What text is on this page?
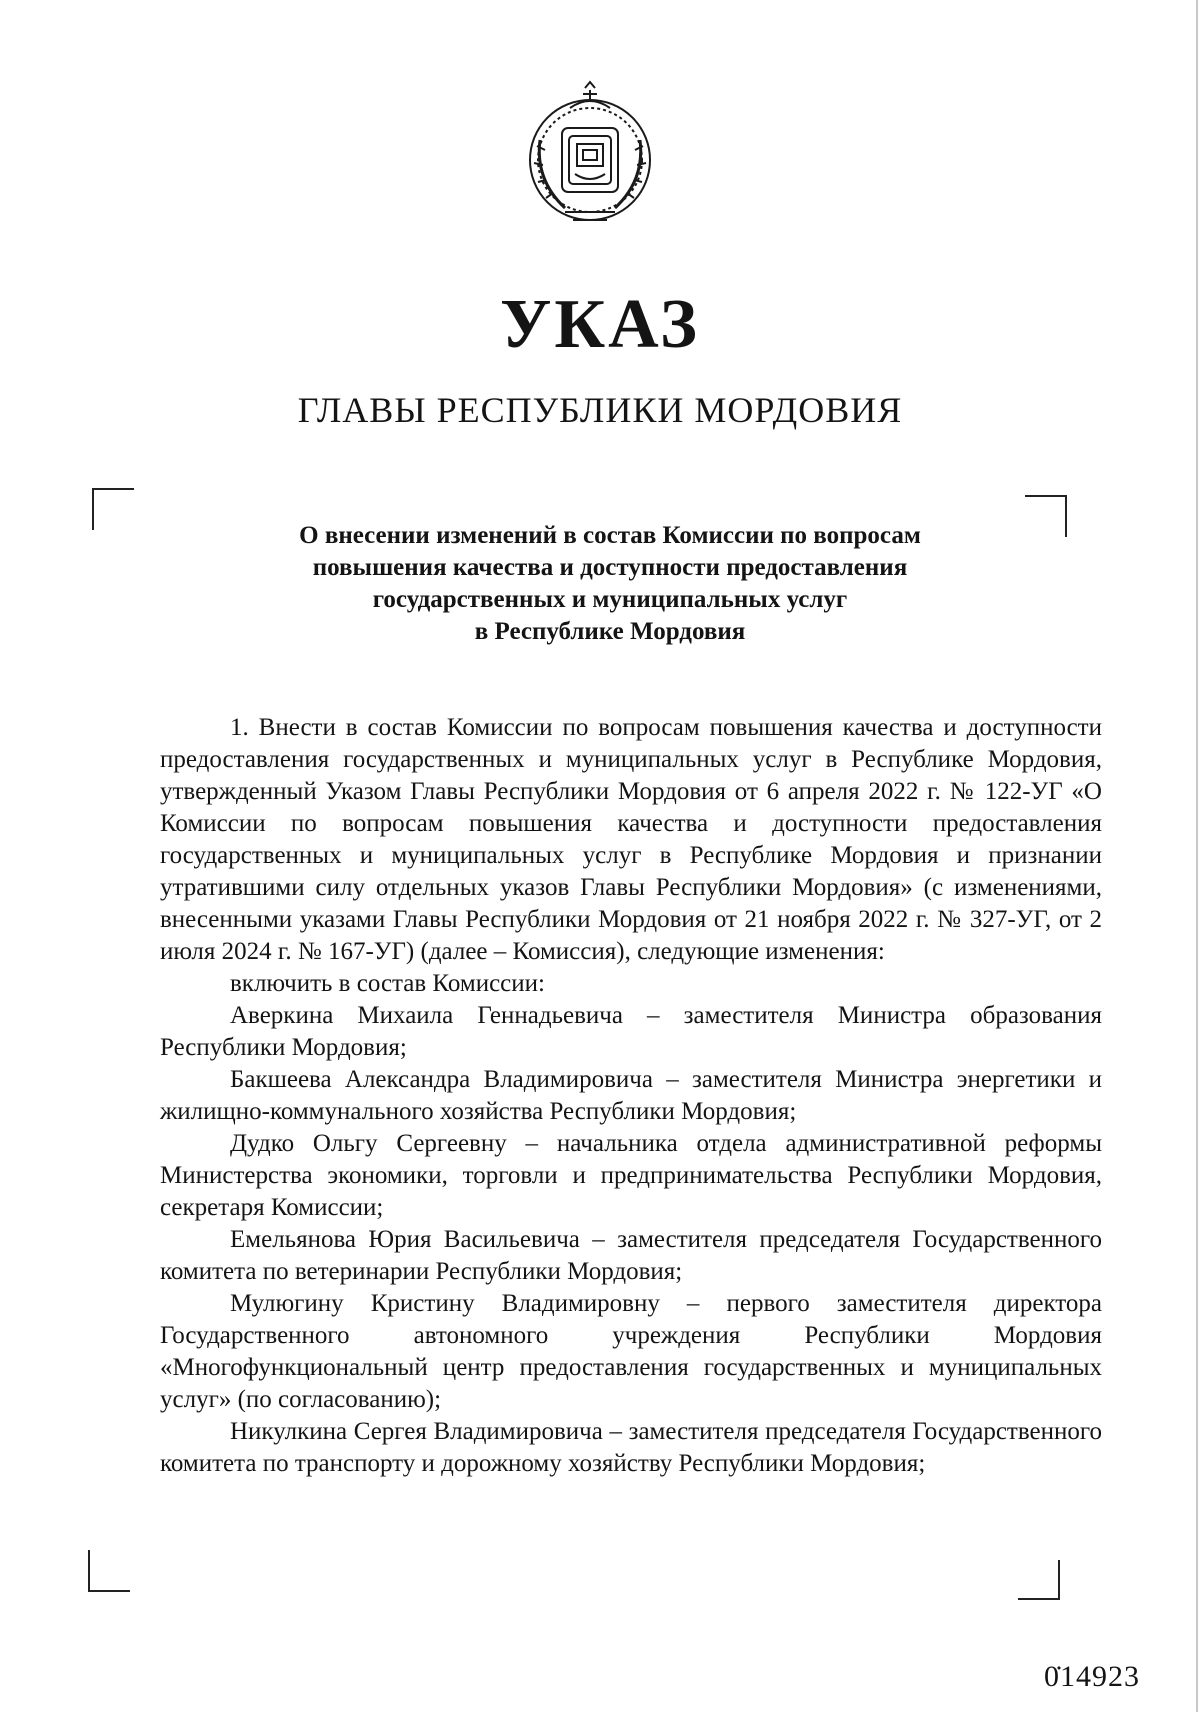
УКАЗ
ГЛАВЫ РЕСПУБЛИКИ МОРДОВИЯ
О внесении изменений в состав Комиссии по вопросам
повышения качества и доступности предоставления
государственных и муниципальных услуг
в Республике Мордовия

1. Внести в состав Комиссии по вопросам повышения качества и доступности предоставления государственных и муниципальных услуг в Республике Мордовия, утвержденный Указом Главы Республики Мордовия от 6 апреля 2022 г. № 122-УГ «О Комиссии по вопросам повышения качества и доступности предоставления государственных и муниципальных услуг в Республике Мордовия и признании утратившими силу отдельных указов Главы Республики Мордовия» (с изменениями, внесенными указами Главы Республики Мордовия от 21 ноября 2022 г. № 327-УГ, от 2 июля 2024 г. № 167-УГ) (далее – Комиссия), следующие изменения:

включить в состав Комиссии:

Аверкина Михаила Геннадьевича – заместителя Министра образования Республики Мордовия;

Бакшеева Александра Владимировича – заместителя Министра энергетики и жилищно-коммунального хозяйства Республики Мордовия;

Дудко Ольгу Сергеевну – начальника отдела административной реформы Министерства экономики, торговли и предпринимательства Республики Мордовия, секретаря Комиссии;

Емельянова Юрия Васильевича – заместителя председателя Государственного комитета по ветеринарии Республики Мордовия;

Мулюгину Кристину Владимировну – первого заместителя директора Государственного автономного учреждения Республики Мордовия «Многофункциональный центр предоставления государственных и муниципальных услуг» (по согласованию);

Никулкина Сергея Владимировича – заместителя председателя Государственного комитета по транспорту и дорожному хозяйству Республики Мордовия;

0̇14923
